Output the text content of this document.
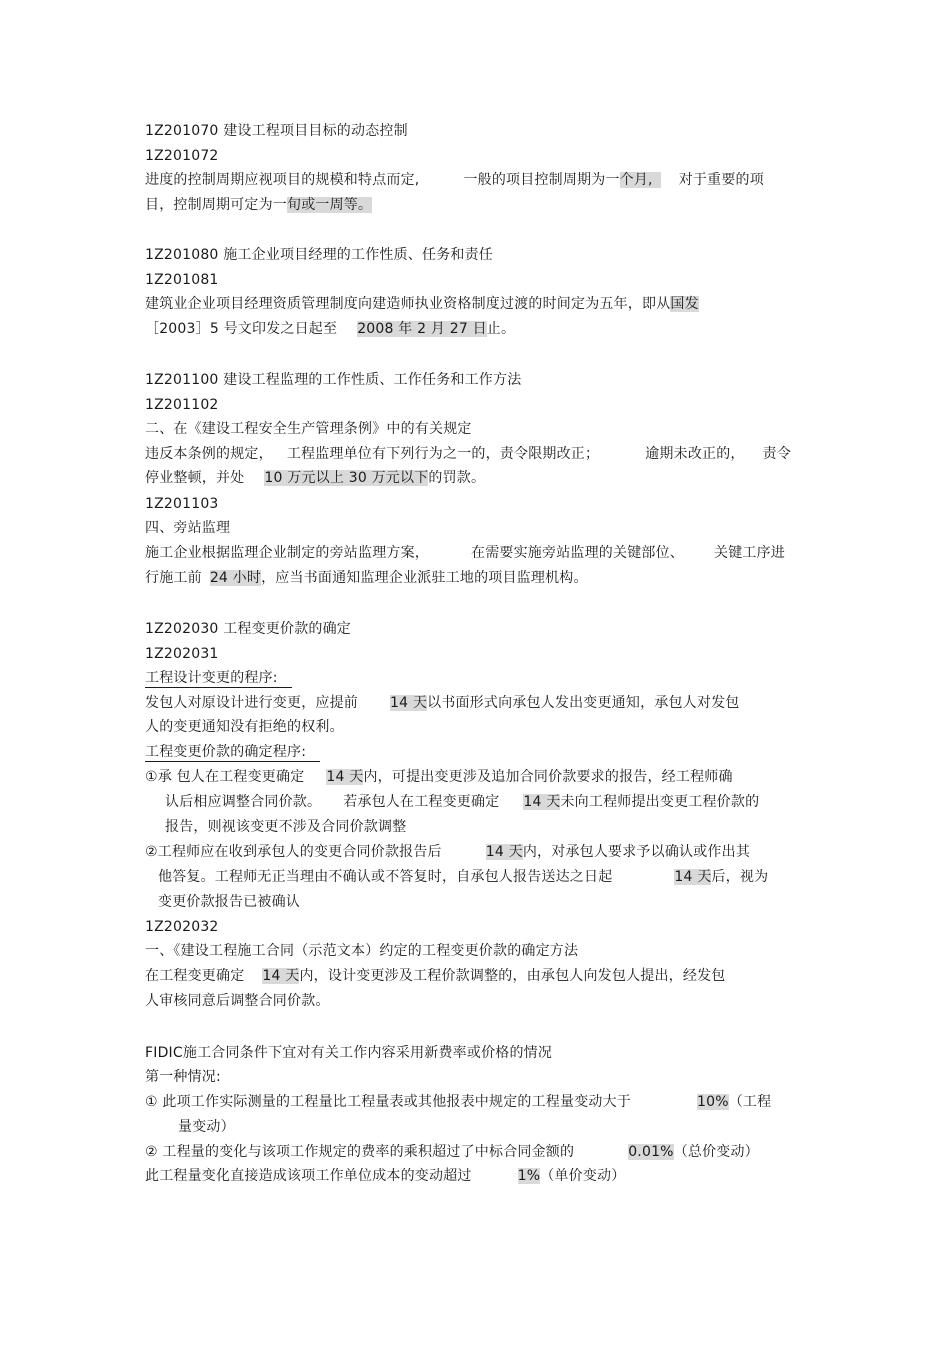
1Z201070 建设工程项目目标的动态控制
1Z201072
进度的控制周期应视项目的规模和特点而定,	一般的项目控制周期为一个月, 对于重要的项
目，控制周期可定为一旬或一周等。
1Z201080 施工企业项目经理的工作性质、任务和责任
1Z201081
建筑业企业项目经理资质管理制度向建造师执业资格制度过渡的时间定为五年，即从国发
［2003］5 号文印发之日起至 2008 年 2 月 27 日止。
1Z201100 建设工程监理的工作性质、工作任务和工作方法
1Z201102
二、在《建设工程安全生产管理条例》中的有关规定
违反本条例的规定， 工程监理单位有下列行为之一的，责令限期改正；	逾期未改正的， 责令
停业整顿，并处 10 万元以上 30 万元以下的罚款。
1Z201103
四、旁站监理
施工企业根据监理企业制定的旁站监理方案，	在需要实施旁站监理的关键部位、 关键工序进
行施工前 24 小时，应当书面通知监理企业派驻工地的项目监理机构。
1Z202030 工程变更价款的确定
1Z202031
工程设计变更的程序:
发包人对原设计进行变更，应提前 14 天以书面形式向承包人发出变更通知，承包人对发包
人的变更通知没有拒绝的权利。
工程变更价款的确定程序:
①承 包人在工程变更确定 14 天内，可提出变更涉及追加合同价款要求的报告，经工程师确
认后相应调整合同价款。 若承包人在工程变更确定 14 天未向工程师提出变更工程价款的
报告，则视该变更不涉及合同价款调整
②工程师应在收到承包人的变更合同价款报告后	14 天内，对承包人要求予以确认或作出其
他答复。工程师无正当理由不确认或不答复时，自承包人报告送达之日起	14 天后，视为
变更价款报告已被确认
1Z202032
一、《建设工程施工合同（示范文本）约定的工程变更价款的确定方法
在工程变更确定 14 天内，设计变更涉及工程价款调整的，由承包人向发包人提出，经发包
人审核同意后调整合同价款。
FIDIC施工合同条件下宜对有关工作内容采用新费率或价格的情况
第一种情况:
① 此项工作实际测量的工程量比工程量表或其他报表中规定的工程量变动大于	10%（工程
量变动）
② 工程量的变化与该项工作规定的费率的乘积超过了中标合同金额的	0.01%（总价变动）
此工程量变化直接造成该项工作单位成本的变动超过	1%（单价变动）
